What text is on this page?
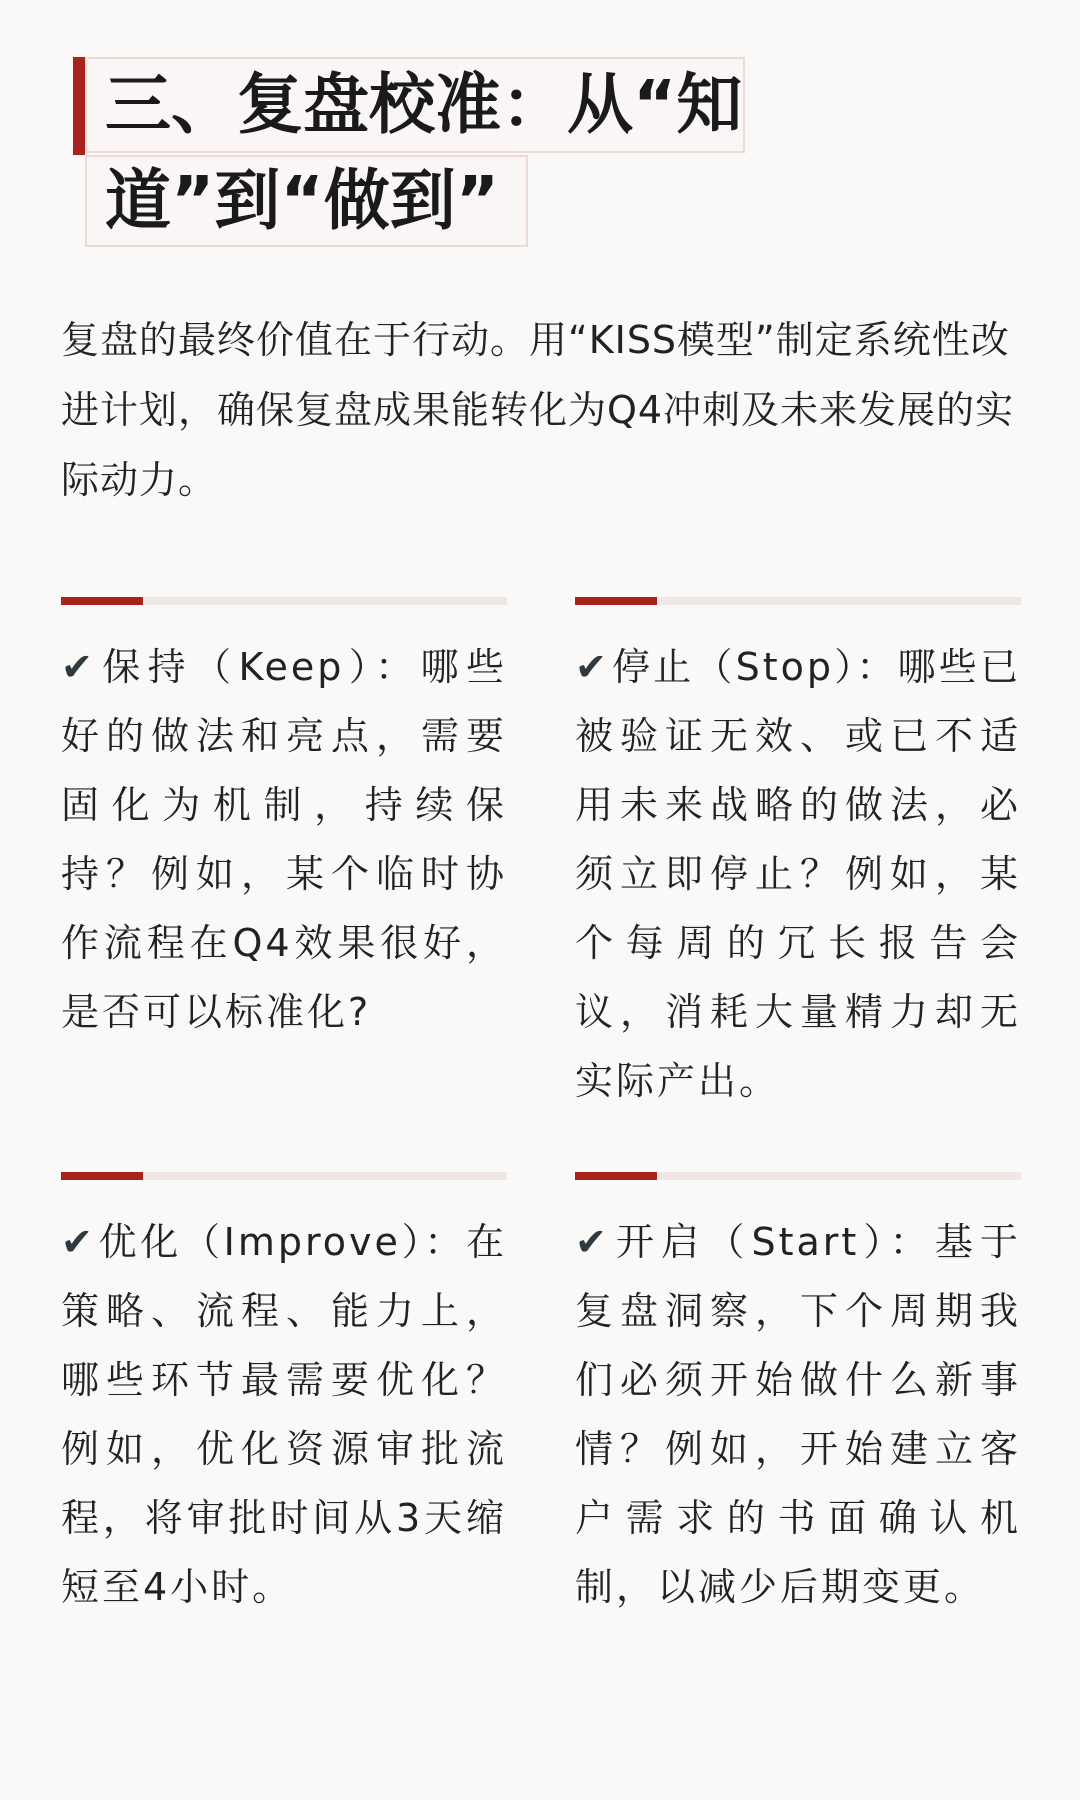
三、复盘校准：从“知
道”到“做到”
复盘的最终价值在于行动。用“KISS模型”制定系统性改进计划，确保复盘成果能转化为Q4冲刺及未来发展的实际动力。
✔保持（Keep）：哪些好的做法和亮点，需要固化为机制，持续保持？例如，某个临时协作流程在Q4效果很好，是否可以标准化?
✔停止（Stop）：哪些已被验证无效、或已不适用未来战略的做法，必须立即停止？例如，某个每周的冗长报告会议，消耗大量精力却无实际产出。
✔优化（Improve）：在策略、流程、能力上，哪些环节最需要优化？例如，优化资源审批流程，将审批时间从3天缩短至4小时。
✔开启（Start）：基于复盘洞察，下个周期我们必须开始做什么新事情？例如，开始建立客户需求的书面确认机制，以减少后期变更。
